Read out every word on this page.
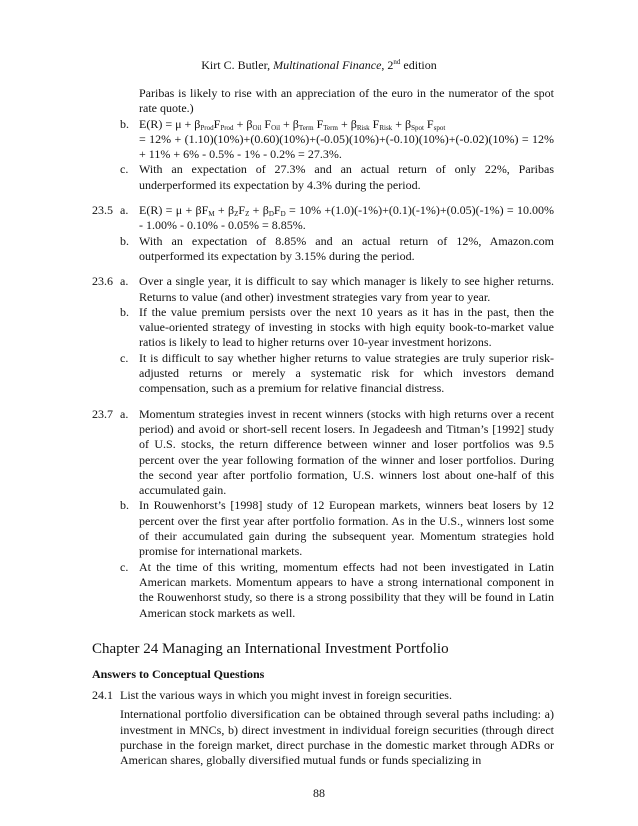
Kirt C. Butler, Multinational Finance, 2nd edition
Paribas is likely to rise with an appreciation of the euro in the numerator of the spot rate quote.)
b. $E(R) = \mu + \beta_{Prod}F_{Prod} + \beta_{Oil}$ $F_{Oil} + \beta_{Term}$ $F_{Term} + \beta_{Risk}$ $F_{Risk} + \beta_{Spot}$ $F_{spot}$
= 12% + (1.10)(10%)+(0.60)(10%)+(-0.05)(10%)+(-0.10)(10%)+(-0.02)(10%) = 12% + 11% + 6% - 0.5% - 1% - 0.2% = 27.3%.
c. With an expectation of 27.3% and an actual return of only 22%, Paribas underperformed its expectation by 4.3% during the period.
23.5 a. $E(R) = \mu + \beta F_M + \beta_ZF_Z + \beta_DF_D = 10\% +(1.0)(-1\%)+(0.1)(-1\%)+(0.05)(-1\%) = 10.00\% - 1.00\% - 0.10\% - 0.05\% = 8.85\%$.
b. With an expectation of 8.85% and an actual return of 12%, Amazon.com outperformed its expectation by 3.15% during the period.
23.6 a. Over a single year, it is difficult to say which manager is likely to see higher returns. Returns to value (and other) investment strategies vary from year to year.
b. If the value premium persists over the next 10 years as it has in the past, then the value-oriented strategy of investing in stocks with high equity book-to-market value ratios is likely to lead to higher returns over 10-year investment horizons.
c. It is difficult to say whether higher returns to value strategies are truly superior risk-adjusted returns or merely a systematic risk for which investors demand compensation, such as a premium for relative financial distress.
23.7 a. Momentum strategies invest in recent winners (stocks with high returns over a recent period) and avoid or short-sell recent losers. In Jegadeesh and Titman’s [1992] study of U.S. stocks, the return difference between winner and loser portfolios was 9.5 percent over the year following formation of the winner and loser portfolios. During the second year after portfolio formation, U.S. winners lost about one-half of this accumulated gain.
b. In Rouwenhorst’s [1998] study of 12 European markets, winners beat losers by 12 percent over the first year after portfolio formation. As in the U.S., winners lost some of their accumulated gain during the subsequent year. Momentum strategies hold promise for international markets.
c. At the time of this writing, momentum effects had not been investigated in Latin American markets. Momentum appears to have a strong international component in the Rouwenhorst study, so there is a strong possibility that they will be found in Latin American stock markets as well.
Chapter 24 Managing an International Investment Portfolio
Answers to Conceptual Questions
24.1 List the various ways in which you might invest in foreign securities.
International portfolio diversification can be obtained through several paths including: a) investment in MNCs, b) direct investment in individual foreign securities (through direct purchase in the foreign market, direct purchase in the domestic market through ADRs or American shares, globally diversified mutual funds or funds specializing in
88
